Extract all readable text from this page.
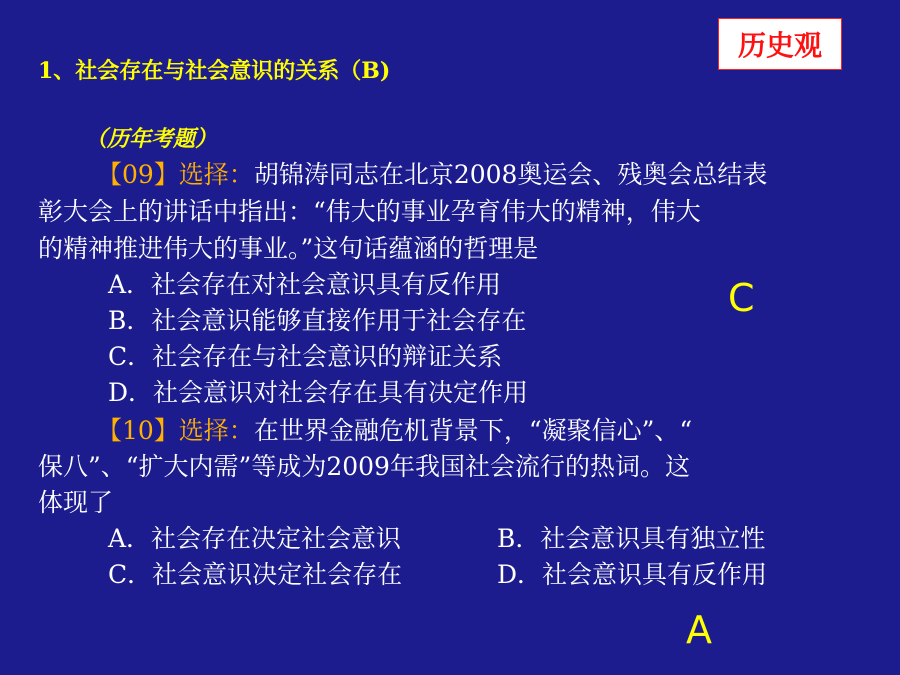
历史观
1、社会存在与社会意识的关系（B)
（历年考题）
【09】选择：胡锦涛同志在北京2008奥运会、残奥会总结表
彰大会上的讲话中指出：“伟大的事业孕育伟大的精神，伟大
的精神推进伟大的事业。”这句话蕴涵的哲理是
A．社会存在对社会意识具有反作用
B．社会意识能够直接作用于社会存在
C．社会存在与社会意识的辩证关系
D．社会意识对社会存在具有决定作用
C
【10】选择：在世界金融危机背景下，“凝聚信心”、“
保八”、“扩大内需”等成为2009年我国社会流行的热词。这
体现了
A．社会存在决定社会意识	B．社会意识具有独立性
C．社会意识决定社会存在	D．社会意识具有反作用
A
